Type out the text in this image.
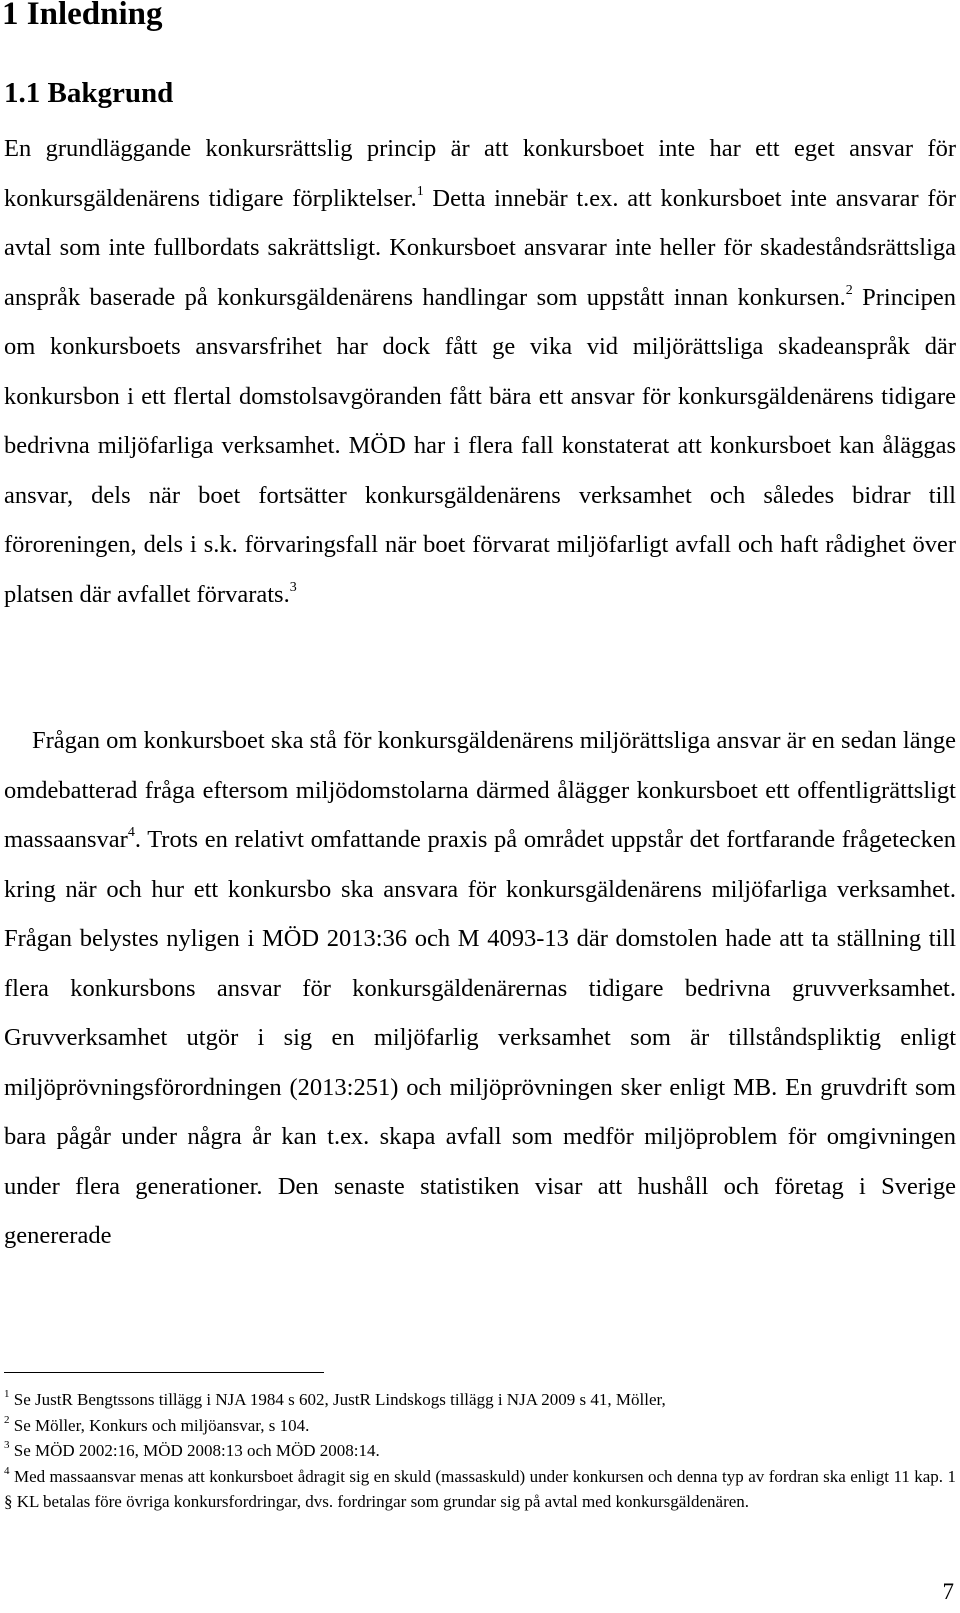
1 Inledning
1.1 Bakgrund

En grundläggande konkursrättslig princip är att konkursboet inte har ett eget ansvar för konkursgäldenärens tidigare förpliktelser.$^1$ Detta innebär t.ex. att konkursboet inte ansvarar för avtal som inte fullbordats sakrättsligt. Konkursboet ansvarar inte heller för skadeståndsrättsliga anspråk baserade på konkursgäldenärens handlingar som uppstått innan konkursen.$^2$ Principen om konkursboets ansvarsfrihet har dock fått ge vika vid miljörättsliga skadeanspråk där konkursbon i ett flertal domstolsavgöranden fått bära ett ansvar för konkursgäldenärens tidigare bedrivna miljöfarliga verksamhet. MÖD har i flera fall konstaterat att konkursboet kan åläggas ansvar, dels när boet fortsätter konkursgäldenärens verksamhet och således bidrar till föroreningen, dels i s.k. förvaringsfall när boet förvarat miljöfarligt avfall och haft rådighet över platsen där avfallet förvarats.$^3$

Frågan om konkursboet ska stå för konkursgäldenärens miljörättsliga ansvar är en sedan länge omdebatterad fråga eftersom miljödomstolarna därmed ålägger konkursboet ett offentligrättsligt massaansvar$^4$. Trots en relativt omfattande praxis på området uppstår det fortfarande frågetecken kring när och hur ett konkursbo ska ansvara för konkursgäldenärens miljöfarliga verksamhet. Frågan belystes nyligen i MÖD 2013:36 och M 4093-13 där domstolen hade att ta ställning till flera konkursbons ansvar för konkursgäldenärernas tidigare bedrivna gruvverksamhet. Gruvverksamhet utgör i sig en miljöfarlig verksamhet som är tillståndspliktig enligt miljöprövningsförordningen (2013:251) och miljöprövningen sker enligt MB. En gruvdrift som bara pågår under några år kan t.ex. skapa avfall som medför miljöproblem för omgivningen under flera generationer. Den senaste statistiken visar att hushåll och företag i Sverige genererade

$^1$ Se JustR Bengtssons tillägg i NJA 1984 s 602, JustR Lindskogs tillägg i NJA 2009 s 41, Möller,

$^2$ Se Möller, Konkurs och miljöansvar, s 104.

$^3$ Se MÖD 2002:16, MÖD 2008:13 och MÖD 2008:14.

$^4$ Med massaansvar menas att konkursboet ådragit sig en skuld (massaskuld) under konkursen och denna typ av fordran ska enligt 11 kap. 1 § KL betalas före övriga konkursfordringar, dvs. fordringar som grundar sig på avtal med konkursgäldenären.

7
